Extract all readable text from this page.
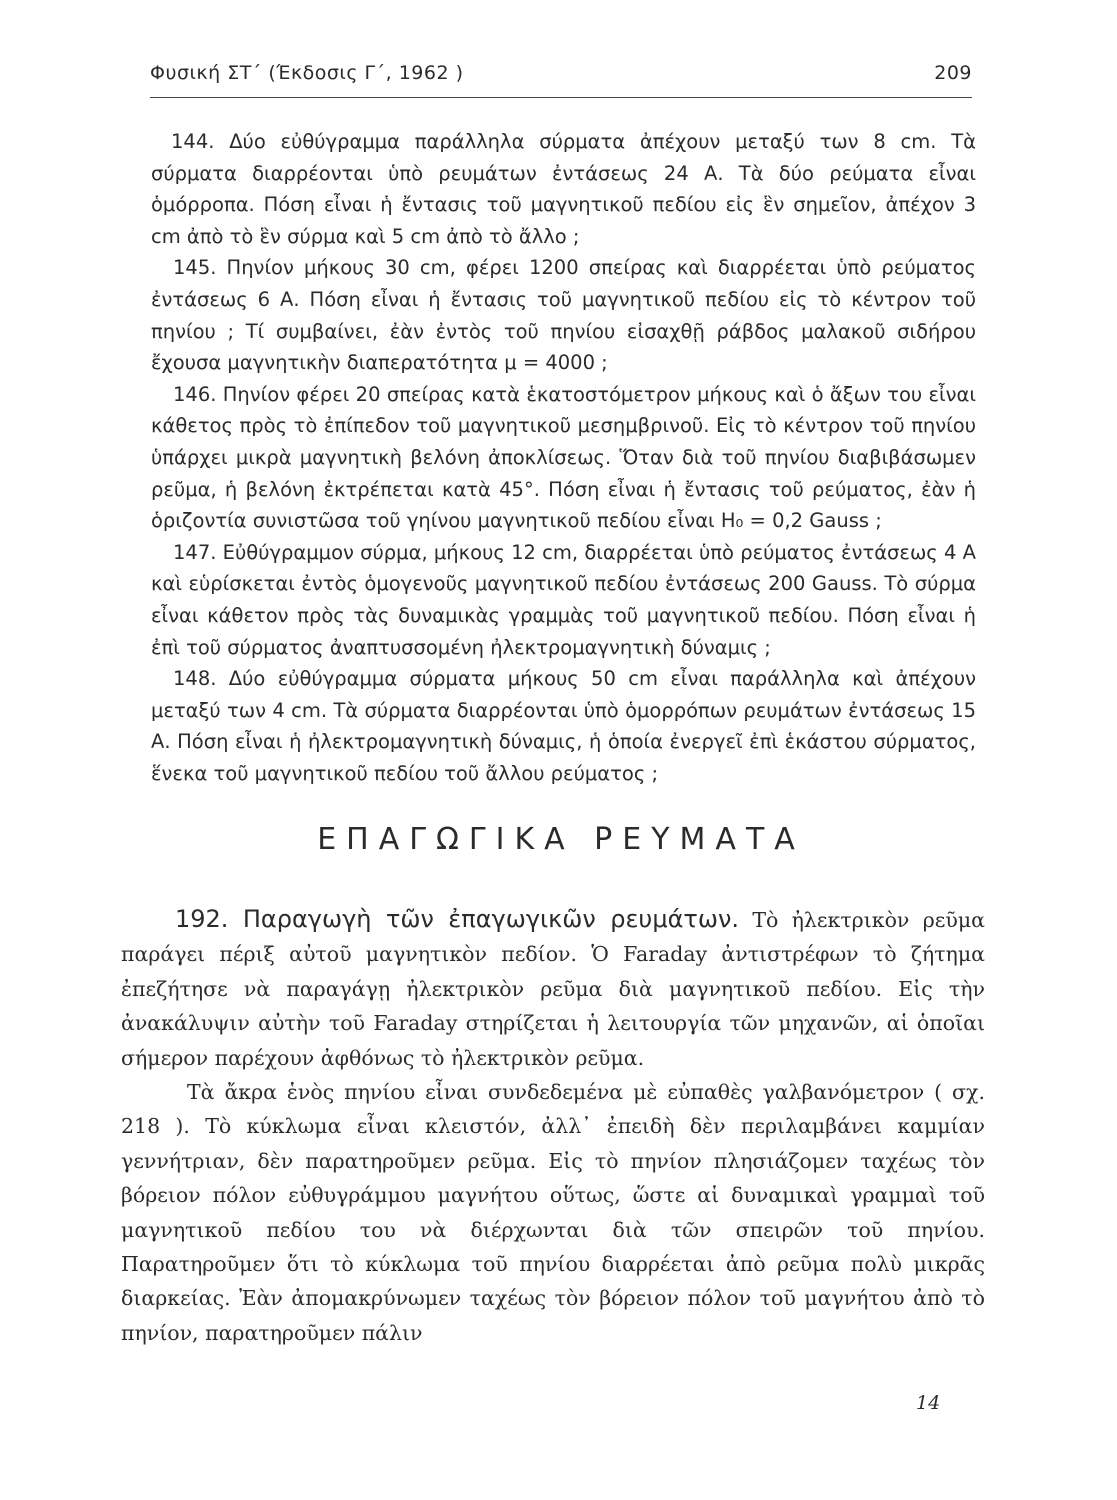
Φυσική ΣΤ΄ (Έκδοσις Γ΄, 1962 )	209

144. Δύο εὐθύγραμμα παράλληλα σύρματα ἀπέχουν μεταξύ των 8 cm. Τὰ σύρματα διαρρέονται ὑπὸ ρευμάτων ἐντάσεως 24 Α. Τὰ δύο ρεύματα εἶναι ὁμόρροπα. Πόση εἶναι ἡ ἔντασις τοῦ μαγνητικοῦ πεδίου εἰς ἓν σημεῖον, ἀπέχον 3 cm ἀπὸ τὸ ἓν σύρμα καὶ 5 cm ἀπὸ τὸ ἄλλο ;

145. Πηνίον μήκους 30 cm, φέρει 1200 σπείρας καὶ διαρρέεται ὑπὸ ρεύματος ἐντάσεως 6 Α. Πόση εἶναι ἡ ἔντασις τοῦ μαγνητικοῦ πεδίου εἰς τὸ κέντρον τοῦ πηνίου ; Τί συμβαίνει, ἐὰν ἐντὸς τοῦ πηνίου εἰσαχθῇ ράβδος μαλακοῦ σιδήρου ἔχουσα μαγνητικὴν διαπερατότητα μ = 4000 ;

146. Πηνίον φέρει 20 σπείρας κατὰ ἑκατοστόμετρον μήκους καὶ ὁ ἄξων του εἶναι κάθετος πρὸς τὸ ἐπίπεδον τοῦ μαγνητικοῦ μεσημβρινοῦ. Εἰς τὸ κέντρον τοῦ πηνίου ὑπάρχει μικρὰ μαγνητικὴ βελόνη ἀποκλίσεως. Ὅταν διὰ τοῦ πηνίου διαβιβάσωμεν ρεῦμα, ἡ βελόνη ἐκτρέπεται κατὰ 45°. Πόση εἶναι ἡ ἔντασις τοῦ ρεύματος, ἐὰν ἡ ὁριζοντία συνιστῶσα τοῦ γηίνου μαγνητικοῦ πεδίου εἶναι H₀ = 0,2 Gauss ;

147. Εὐθύγραμμον σύρμα, μήκους 12 cm, διαρρέεται ὑπὸ ρεύματος ἐντάσεως 4 Α καὶ εὑρίσκεται ἐντὸς ὁμογενοῦς μαγνητικοῦ πεδίου ἐντάσεως 200 Gauss. Τὸ σύρμα εἶναι κάθετον πρὸς τὰς δυναμικὰς γραμμὰς τοῦ μαγνητικοῦ πεδίου. Πόση εἶναι ἡ ἐπὶ τοῦ σύρματος ἀναπτυσσομένη ἠλεκτρομαγνητικὴ δύναμις ;

148. Δύο εὐθύγραμμα σύρματα μήκους 50 cm εἶναι παράλληλα καὶ ἀπέχουν μεταξύ των 4 cm. Τὰ σύρματα διαρρέονται ὑπὸ ὁμορρόπων ρευμάτων ἐντάσεως 15 Α. Πόση εἶναι ἡ ἠλεκτρομαγνητικὴ δύναμις, ἡ ὁποία ἐνεργεῖ ἐπὶ ἑκάστου σύρματος, ἕνεκα τοῦ μαγνητικοῦ πεδίου τοῦ ἄλλου ρεύματος ;

ΕΠΑΓΩΓΙΚΑ ΡΕΥΜΑΤΑ

192. Παραγωγὴ τῶν ἐπαγωγικῶν ρευμάτων. Τὸ ἠλεκτρικὸν ρεῦμα παράγει πέριξ αὐτοῦ μαγνητικὸν πεδίον. Ὁ Faraday ἀντιστρέφων τὸ ζήτημα ἐπεζήτησε νὰ παραγάγῃ ἠλεκτρικὸν ρεῦμα διὰ μαγνητικοῦ πεδίου. Εἰς τὴν ἀνακάλυψιν αὐτὴν τοῦ Faraday στηρίζεται ἡ λειτουργία τῶν μηχανῶν, αἱ ὁποῖαι σήμερον παρέχουν ἀφθόνως τὸ ἠλεκτρικὸν ρεῦμα.

Τὰ ἄκρα ἑνὸς πηνίου εἶναι συνδεδεμένα μὲ εὐπαθὲς γαλβανόμετρον ( σχ. 218 ). Τὸ κύκλωμα εἶναι κλειστόν, ἀλλ᾽ ἐπειδὴ δὲν περιλαμβάνει καμμίαν γεννήτριαν, δὲν παρατηροῦμεν ρεῦμα. Εἰς τὸ πηνίον πλησιάζομεν ταχέως τὸν βόρειον πόλον εὐθυγράμμου μαγνήτου οὕτως, ὥστε αἱ δυναμικαὶ γραμμαὶ τοῦ μαγνητικοῦ πεδίου του νὰ διέρχωνται διὰ τῶν σπειρῶν τοῦ πηνίου. Παρατηροῦμεν ὅτι τὸ κύκλωμα τοῦ πηνίου διαρρέεται ἀπὸ ρεῦμα πολὺ μικρᾶς διαρκείας. Ἐὰν ἀπομακρύνωμεν ταχέως τὸν βόρειον πόλον τοῦ μαγνήτου ἀπὸ τὸ πηνίον, παρατηροῦμεν πάλιν

14
